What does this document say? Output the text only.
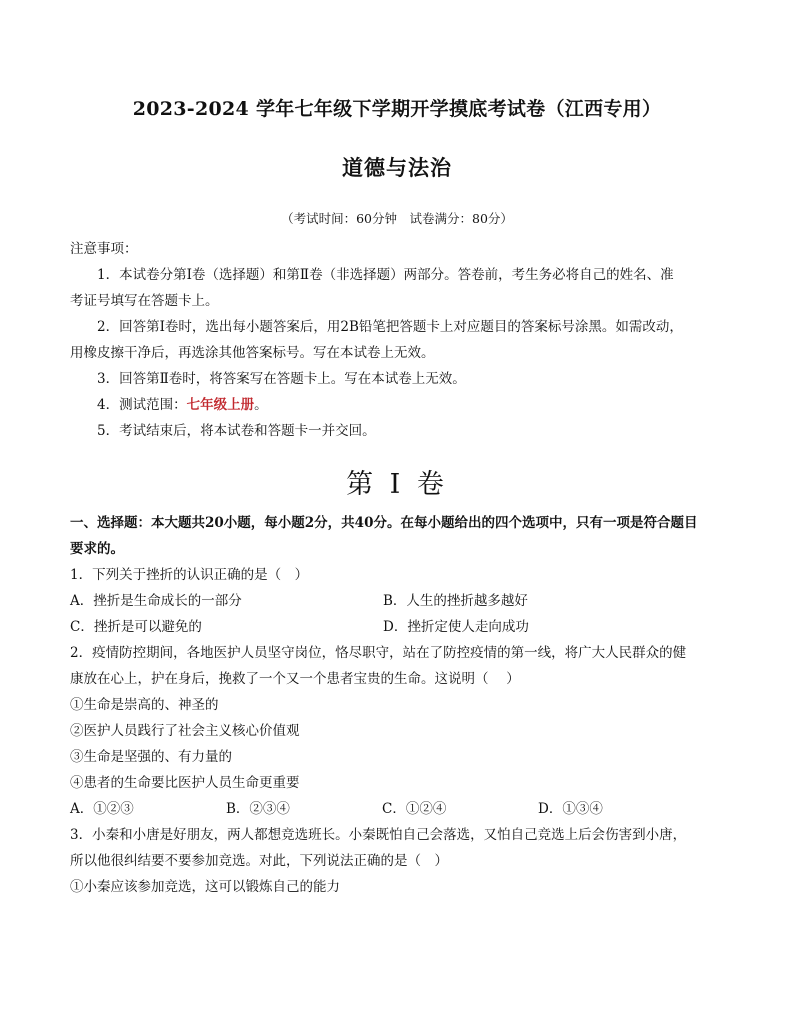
2023-2024 学年七年级下学期开学摸底考试卷（江西专用）
道德与法治
（考试时间：60分钟　试卷满分：80分）
注意事项：
1．本试卷分第Ⅰ卷（选择题）和第Ⅱ卷（非选择题）两部分。答卷前，考生务必将自己的姓名、准
考证号填写在答题卡上。
2．回答第Ⅰ卷时，选出每小题答案后，用2B铅笔把答题卡上对应题目的答案标号涂黑。如需改动，
用橡皮擦干净后，再选涂其他答案标号。写在本试卷上无效。
3．回答第Ⅱ卷时，将答案写在答题卡上。写在本试卷上无效。
4．测试范围：七年级上册。
5．考试结束后，将本试卷和答题卡一并交回。
第 I 卷
一、选择题：本大题共20小题，每小题2分，共40分。在每小题给出的四个选项中，只有一项是符合题目
要求的。
1．下列关于挫折的认识正确的是（　）
A．挫折是生命成长的一部分	B．人生的挫折越多越好
C．挫折是可以避免的	D．挫折定使人走向成功
2．疫情防控期间，各地医护人员坚守岗位，恪尽职守，站在了防控疫情的第一线，将广大人民群众的健
康放在心上，护在身后，挽救了一个又一个患者宝贵的生命。这说明（　 ）
①生命是崇高的、神圣的
②医护人员践行了社会主义核心价值观
③生命是坚强的、有力量的
④患者的生命要比医护人员生命更重要
A．①②③	B．②③④	C．①②④	D．①③④
3．小秦和小唐是好朋友，两人都想竞选班长。小秦既怕自己会落选，又怕自己竞选上后会伤害到小唐，
所以他很纠结要不要参加竞选。对此，下列说法正确的是（　）
①小秦应该参加竞选，这可以锻炼自己的能力
